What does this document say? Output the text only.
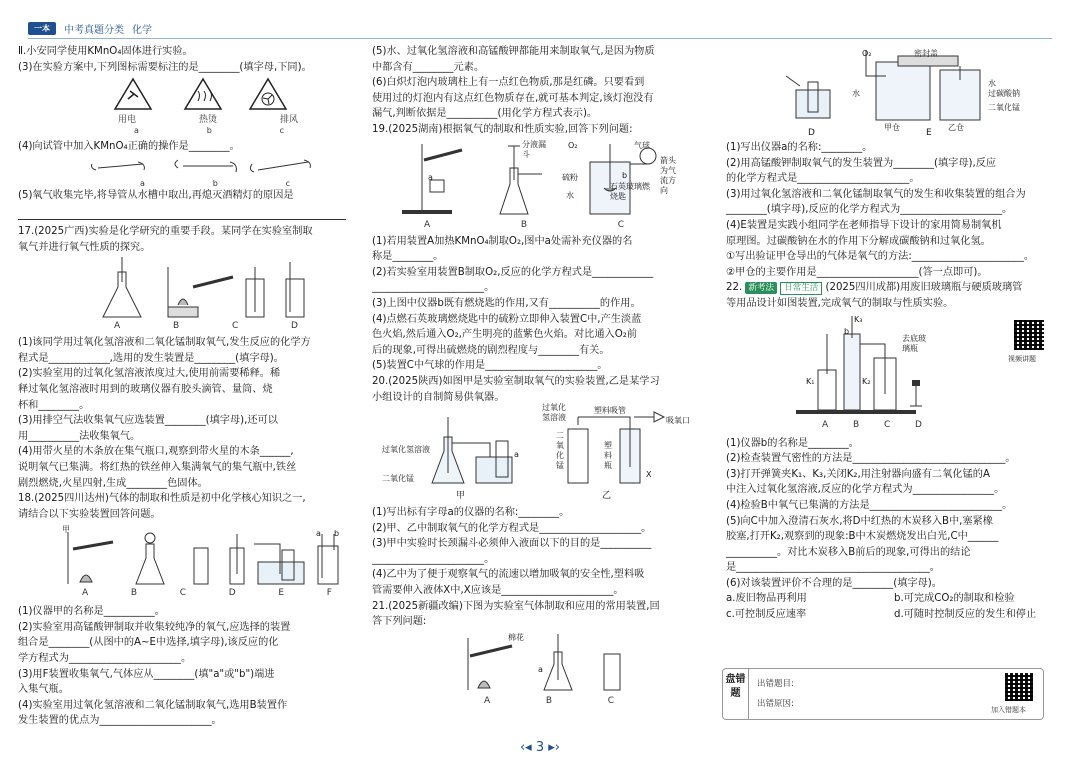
一本	中考真题分类 化学

Ⅱ.小安同学使用KMnO₄固体进行实验。

(3)在实验方案中,下列图标需要标注的是________(填字母,下同)。

用电	热烫	排风
a	b	c

(4)向试管中加入KMnO₄正确的操作是________。

a	b	c

(5)氧气收集完毕,将导管从水槽中取出,再熄灭酒精灯的原因是

17.(2025广西)实验是化学研究的重要手段。某同学在实验室制取

氧气并进行氧气性质的探究。

A	B	C	D

(1)该同学用过氧化氢溶液和二氧化锰制取氧气,发生反应的化学方

程式是____________,选用的发生装置是________(填字母)。

(2)实验室用的过氧化氢溶液浓度过大,使用前需要稀释。稀

释过氧化氢溶液时用到的玻璃仪器有胶头滴管、量筒、烧

杯和________。

(3)用排空气法收集氧气应选装置________(填字母),还可以

用__________法收集氧气。

(4)用带火星的木条放在集气瓶口,观察到带火星的木条______,

说明氧气已集满。将红热的铁丝伸入集满氧气的集气瓶中,铁丝

剧烈燃烧,火星四射,生成________色固体。

18.(2025四川达州)气体的制取和性质是初中化学核心知识之一,

请结合以下实验装置回答问题。

甲	a b
A	B	C	D	E	F

(1)仪器甲的名称是__________。

(2)实验室用高锰酸钾制取并收集较纯净的氧气,应选择的装置

组合是________(从图中的A~E中选择,填字母),该反应的化

学方程式为______________________。

(3)用F装置收集氧气,气体应从________(填"a"或"b")端进

入集气瓶。

(4)实验室用过氧化氢溶液和二氧化锰制取氧气,选用B装置作

发生装置的优点为______________________。

(5)水、过氧化氢溶液和高锰酸钾都能用来制取氧气,是因为物质

中都含有________元素。

(6)白炽灯泡内玻璃柱上有一点红色物质,那是红磷。只要看到

使用过的灯泡内有这点红色物质存在,就可基本判定,该灯泡没有

漏气,判断依据是__________(用化学方程式表示)。

19.(2025湖南)根据氧气的制取和性质实验,回答下列问题:

a
分液漏斗
O₂	气球
硫粉
水
b
石英玻璃燃烧匙
箭头为气流方向
A	B	C

(1)若用装置A加热KMnO₄制取O₂,图中a处需补充仪器的名

称是________。

(2)若实验室用装置B制取O₂,反应的化学方程式是____________

______________________。

(3)上图中仪器b既有燃烧匙的作用,又有__________的作用。

(4)点燃石英玻璃燃烧匙中的硫粉立即伸入装置C中,产生淡蓝

色火焰,然后通入O₂,产生明亮的蓝紫色火焰。对比通入O₂前

后的现象,可得出硫燃烧的剧烈程度与________有关。

(5)装置C中气球的作用是______________________。

20.(2025陕西)如图甲是实验室制取氧气的实验装置,乙是某学习

小组设计的自制简易供氧器。

过氧化氢溶液
二氧化锰
a
过氧化氢溶液
塑料吸管
吸氧口
二氧化锰
塑料瓶
X
甲	乙

(1)写出标有字母a的仪器的名称:________。

(2)甲、乙中制取氧气的化学方程式是____________________。

(3)甲中实验时长颈漏斗必须伸入液面以下的目的是__________

______________________。

(4)乙中为了便于观察氧气的流速以增加吸氧的安全性,塑料吸

管需要伸入液体X中,X应该是______________________。

21.(2025新疆改编)下图为实验室气体制取和应用的常用装置,回

答下列问题:

棉花
a
A	B	C
O₂	密封盖
水
水
过碳酸钠
二氧化锰
甲仓	乙仓
D	E

(1)写出仪器a的名称:________。

(2)用高锰酸钾制取氧气的发生装置为________(填字母),反应

的化学方程式是______________________。

(3)用过氧化氢溶液和二氧化锰制取氧气的发生和收集装置的组合为

________(填字母),反应的化学方程式为____________________。

(4)E装置是实践小组同学在老师指导下设计的家用简易制氧机

原理图。过碳酸钠在水的作用下分解成碳酸钠和过氧化氢。

①写出验证甲仓导出的气体是氧气的方法:______________________。

②甲仓的主要作用是____________________(答一点即可)。

22. 新考法 日常生活 (2025四川成都)用废旧玻璃瓶与硬质玻璃管

等用品设计如图装置,完成氧气的制取与性质实验。

去底玻璃瓶
b
K₁	K₂
K₃
A	B	C	D
视频讲题

(1)仪器b的名称是________。

(2)检查装置气密性的方法是______________________________。

(3)打开弹簧夹K₁、K₃,关闭K₂,用注射器向盛有二氧化锰的A

中注入过氧化氢溶液,反应的化学方程式为________________。

(4)检验B中氧气已集满的方法是__________________________。

(5)向C中加入澄清石灰水,将D中红热的木炭移入B中,塞紧橡

胶塞,打开K₂,观察到的现象:B中木炭燃烧发出白光,C中______

__________。对比木炭移入B前后的现象,可得出的结论

是______________________________________。

(6)对该装置评价不合理的是________(填字母)。

a.废旧物品再利用	b.可完成CO₂的制取和检验
c.可控制反应速率	d.可随时控制反应的发生和停止
盘错题
出错题目:
出错原因:
加入错题本
‹◂ 3 ▸›
